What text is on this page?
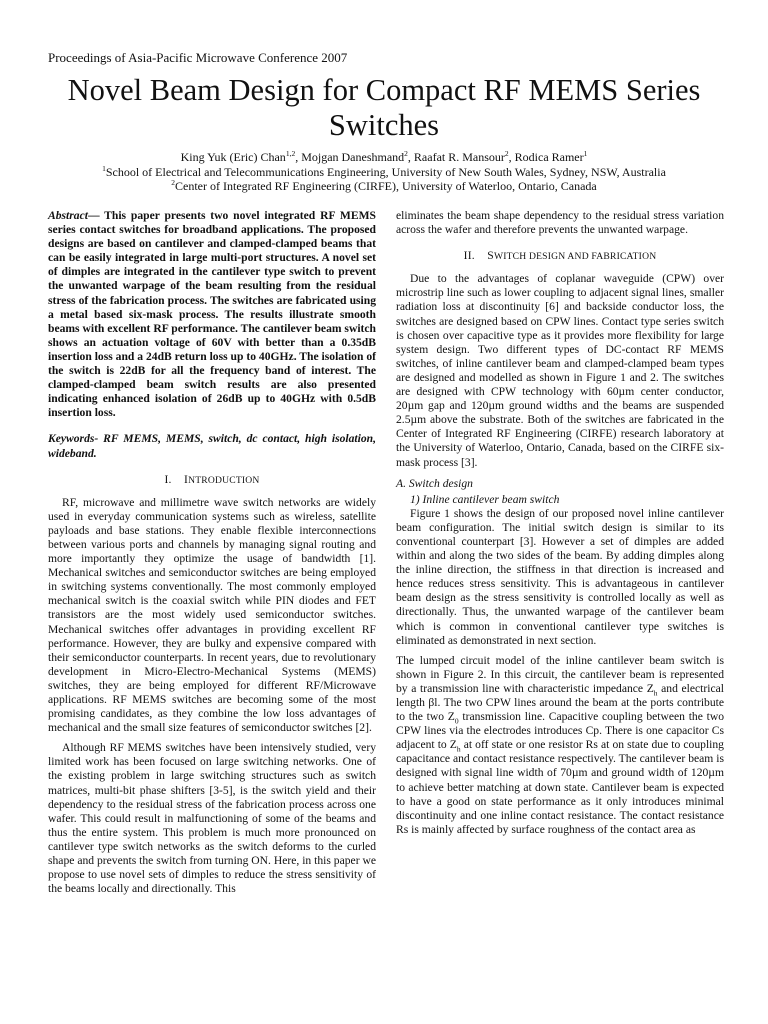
Proceedings of Asia-Pacific Microwave Conference 2007
Novel Beam Design for Compact RF MEMS Series
Switches
King Yuk (Eric) Chan$^{1,2}$, Mojgan Daneshmand$^2$, Raafat R. Mansour$^2$, Rodica Ramer$^1$
$^1$School of Electrical and Telecommunications Engineering, University of New South Wales, Sydney, NSW, Australia
$^2$Center of Integrated RF Engineering (CIRFE), University of Waterloo, Ontario, Canada

Abstract— This paper presents two novel integrated RF MEMS series contact switches for broadband applications. The proposed designs are based on cantilever and clamped-clamped beams that can be easily integrated in large multi-port structures. A novel set of dimples are integrated in the cantilever type switch to prevent the unwanted warpage of the beam resulting from the residual stress of the fabrication process. The switches are fabricated using a metal based six-mask process. The results illustrate smooth beams with excellent RF performance. The cantilever beam switch shows an actuation voltage of 60V with better than a 0.35dB insertion loss and a 24dB return loss up to 40GHz. The isolation of the switch is 22dB for all the frequency band of interest. The clamped-clamped beam switch results are also presented indicating enhanced isolation of 26dB up to 40GHz with 0.5dB insertion loss.

Keywords- RF MEMS, MEMS, switch, dc contact, high isolation, wideband.

I. INTRODUCTION

RF, microwave and millimetre wave switch networks are widely used in everyday communication systems such as wireless, satellite payloads and base stations. They enable flexible interconnections between various ports and channels by managing signal routing and more importantly they optimize the usage of bandwidth [1]. Mechanical switches and semiconductor switches are being employed in switching systems conventionally. The most commonly employed mechanical switch is the coaxial switch while PIN diodes and FET transistors are the most widely used semiconductor switches. Mechanical switches offer advantages in providing excellent RF performance. However, they are bulky and expensive compared with their semiconductor counterparts. In recent years, due to revolutionary development in Micro-Electro-Mechanical Systems (MEMS) switches, they are being employed for different RF/Microwave applications. RF MEMS switches are becoming some of the most promising candidates, as they combine the low loss advantages of mechanical and the small size features of semiconductor switches [2].

Although RF MEMS switches have been intensively studied, very limited work has been focused on large switching networks. One of the existing problem in large switching structures such as switch matrices, multi-bit phase shifters [3-5], is the switch yield and their dependency to the residual stress of the fabrication process across one wafer. This could result in malfunctioning of some of the beams and thus the entire system. This problem is much more pronounced on cantilever type switch networks as the switch deforms to the curled shape and prevents the switch from turning ON. Here, in this paper we propose to use novel sets of dimples to reduce the stress sensitivity of the beams locally and directionally. This

eliminates the beam shape dependency to the residual stress variation across the wafer and therefore prevents the unwanted warpage.

II. SWITCH DESIGN AND FABRICATION

Due to the advantages of coplanar waveguide (CPW) over microstrip line such as lower coupling to adjacent signal lines, smaller radiation loss at discontinuity [6] and backside conductor loss, the switches are designed based on CPW lines. Contact type series switch is chosen over capacitive type as it provides more flexibility for large system design. Two different types of DC-contact RF MEMS switches, of inline cantilever beam and clamped-clamped beam types are designed and modelled as shown in Figure 1 and 2. The switches are designed with CPW technology with 60µm center conductor, 20µm gap and 120µm ground widths and the beams are suspended 2.5µm above the substrate. Both of the switches are fabricated in the Center of Integrated RF Engineering (CIRFE) research laboratory at the University of Waterloo, Ontario, Canada, based on the CIRFE six-mask process [3].

A. Switch design

1) Inline cantilever beam switch

Figure 1 shows the design of our proposed novel inline cantilever beam configuration. The initial switch design is similar to its conventional counterpart [3]. However a set of dimples are added within and along the two sides of the beam. By adding dimples along the inline direction, the stiffness in that direction is increased and hence reduces stress sensitivity. This is advantageous in cantilever beam design as the stress sensitivity is controlled locally as well as directionally. Thus, the unwanted warpage of the cantilever beam which is common in conventional cantilever type switches is eliminated as demonstrated in next section.

The lumped circuit model of the inline cantilever beam switch is shown in Figure 2. In this circuit, the cantilever beam is represented by a transmission line with characteristic impedance $Z_h$ and electrical length βl. The two CPW lines around the beam at the ports contribute to the two $Z_0$ transmission line. Capacitive coupling between the two CPW lines via the electrodes introduces Cp. There is one capacitor Cs adjacent to $Z_h$ at off state or one resistor Rs at on state due to coupling capacitance and contact resistance respectively. The cantilever beam is designed with signal line width of 70µm and ground width of 120µm to achieve better matching at down state. Cantilever beam is expected to have a good on state performance as it only introduces minimal discontinuity and one inline contact resistance. The contact resistance Rs is mainly affected by surface roughness of the contact area as
